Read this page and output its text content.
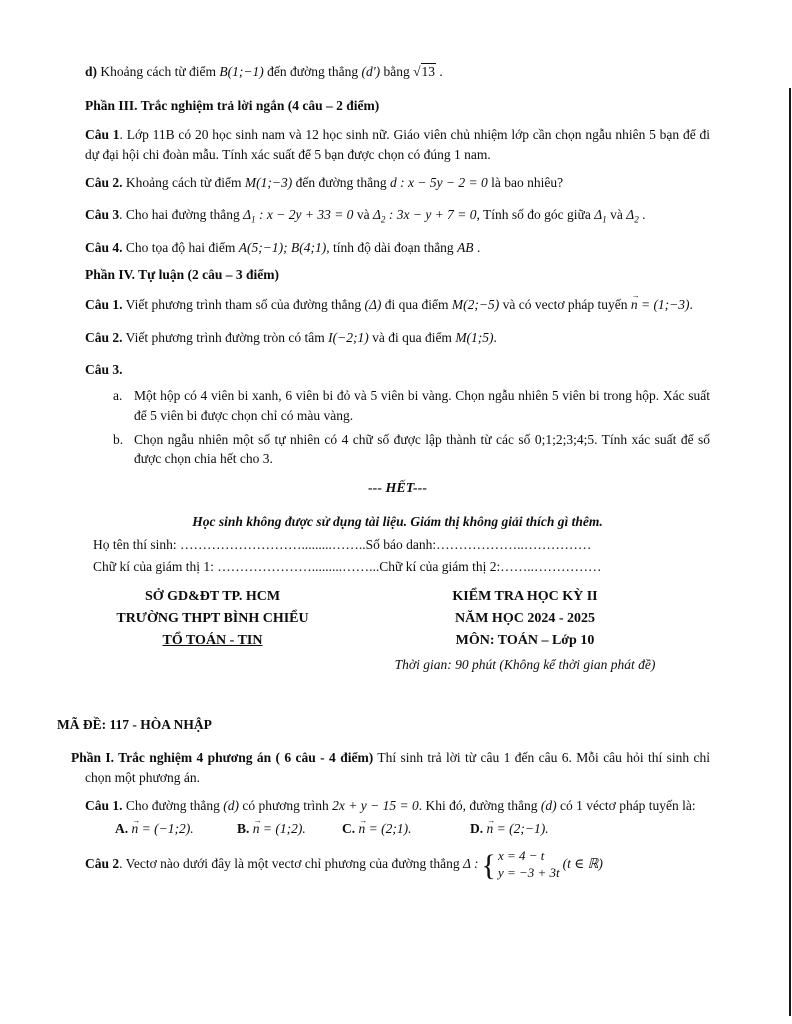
d) Khoảng cách từ điểm B(1;−1) đến đường thẳng (d') bằng √13 .

Phần III. Trắc nghiệm trả lời ngắn (4 câu – 2 điểm)

Câu 1. Lớp 11B có 20 học sinh nam và 12 học sinh nữ. Giáo viên chủ nhiệm lớp cần chọn ngẫu nhiên 5 bạn để đi dự đại hội chi đoàn mẫu. Tính xác suất để 5 bạn được chọn có đúng 1 nam.

Câu 2. Khoảng cách từ điểm M(1;−3) đến đường thẳng d : x − 5y − 2 = 0 là bao nhiêu?

Câu 3. Cho hai đường thẳng $\Delta_1$ : x − 2y + 33 = 0 và $\Delta_2$ : 3x − y + 7 = 0, Tính số đo góc giữa $\Delta_1$ và $\Delta_2$ .

Câu 4. Cho tọa độ hai điểm A(5;−1); B(4;1), tính độ dài đoạn thẳng AB .

Phần IV. Tự luận (2 câu – 3 điểm)

Câu 1. Viết phương trình tham số của đường thẳng (Δ) đi qua điểm M(2;−5) và có vectơ pháp tuyến n → = (1;−3).

Câu 2. Viết phương trình đường tròn có tâm I(−2;1) và đi qua điểm M(1;5).

Câu 3.

a. Một hộp có 4 viên bi xanh, 6 viên bi đỏ và 5 viên bi vàng. Chọn ngẫu nhiên 5 viên bi trong hộp. Xác suất để 5 viên bi được chọn chỉ có màu vàng.
b. Chọn ngẫu nhiên một số tự nhiên có 4 chữ số được lập thành từ các số 0;1;2;3;4;5. Tính xác suất để số được chọn chia hết cho 3.

--- HẾT---

Học sinh không được sử dụng tài liệu. Giám thị không giải thích gì thêm.

Họ tên thí sinh: ……………………….........……..Số báo danh:………………..……………

Chữ kí của giám thị 1: ………………….........……...Chữ kí của giám thị 2:……..……………

SỞ GD&ĐT TP. HCM
TRƯỜNG THPT BÌNH CHIỂU
TỔ TOÁN - TIN
KIỂM TRA HỌC KỲ II
NĂM HỌC 2024 - 2025
MÔN: TOÁN – Lớp 10
Thời gian: 90 phút (Không kể thời gian phát đề)

MÃ ĐỀ: 117 - HÒA NHẬP

Phần I. Trắc nghiệm 4 phương án ( 6 câu - 4 điểm) Thí sinh trả lời từ câu 1 đến câu 6. Mỗi câu hỏi thí sinh chỉ chọn một phương án.

Câu 1. Cho đường thẳng (d) có phương trình 2x + y − 15 = 0. Khi đó, đường thẳng (d) có 1 véctơ pháp tuyến là:

A. n → = (−1;2).	B. n → = (1;2).	C. n → = (2;1).	D. n → = (2;−1).

Câu 2. Vectơ nào dưới đây là một vectơ chỉ phương của đường thẳng Δ : { x = 4 − t
y = −3 + 3t
(t ∈ ℝ)
